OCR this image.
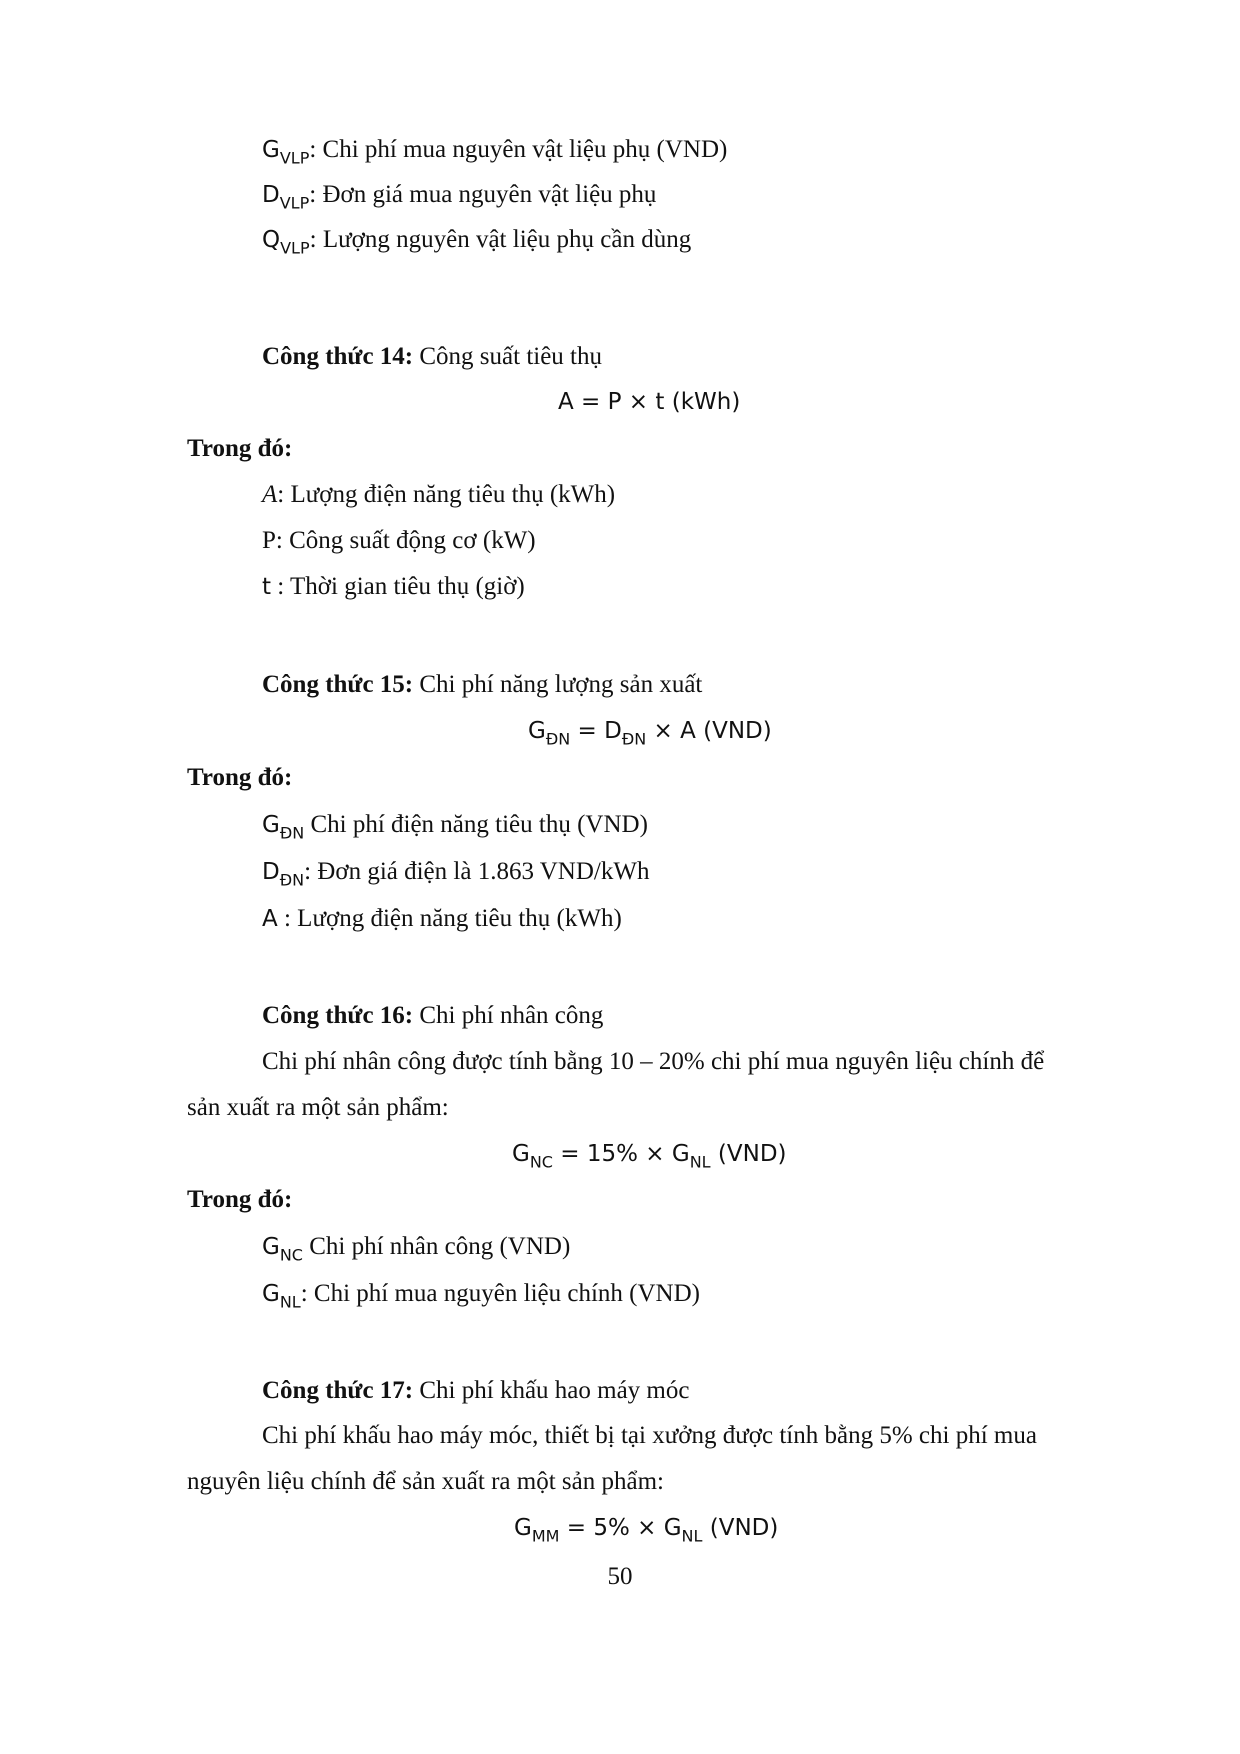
$G_{VLP}$: Chi phí mua nguyên vật liệu phụ (VND)
$D_{VLP}$: Đơn giá mua nguyên vật liệu phụ
$Q_{VLP}$: Lượng nguyên vật liệu phụ cần dùng
Công thức 14: Công suất tiêu thụ
A = P × t (kWh)
Trong đó:
A: Lượng điện năng tiêu thụ (kWh)
P: Công suất động cơ (kW)
t : Thời gian tiêu thụ (giờ)
Công thức 15: Chi phí năng lượng sản xuất
$G_{ĐN} = D_{ĐN} \times A$ (VND)
Trong đó:
$G_{ĐN}$ Chi phí điện năng tiêu thụ (VND)
$D_{ĐN}$: Đơn giá điện là 1.863 VND/kWh
A : Lượng điện năng tiêu thụ (kWh)
Công thức 16: Chi phí nhân công
Chi phí nhân công được tính bằng 10 – 20% chi phí mua nguyên liệu chính để
sản xuất ra một sản phẩm:
$G_{NC} = 15\% \times G_{NL}$ (VND)
Trong đó:
$G_{NC}$ Chi phí nhân công (VND)
$G_{NL}$: Chi phí mua nguyên liệu chính (VND)
Công thức 17: Chi phí khấu hao máy móc
Chi phí khấu hao máy móc, thiết bị tại xưởng được tính bằng 5% chi phí mua
nguyên liệu chính để sản xuất ra một sản phẩm:
$G_{MM} = 5\% \times G_{NL}$ (VND)
50
